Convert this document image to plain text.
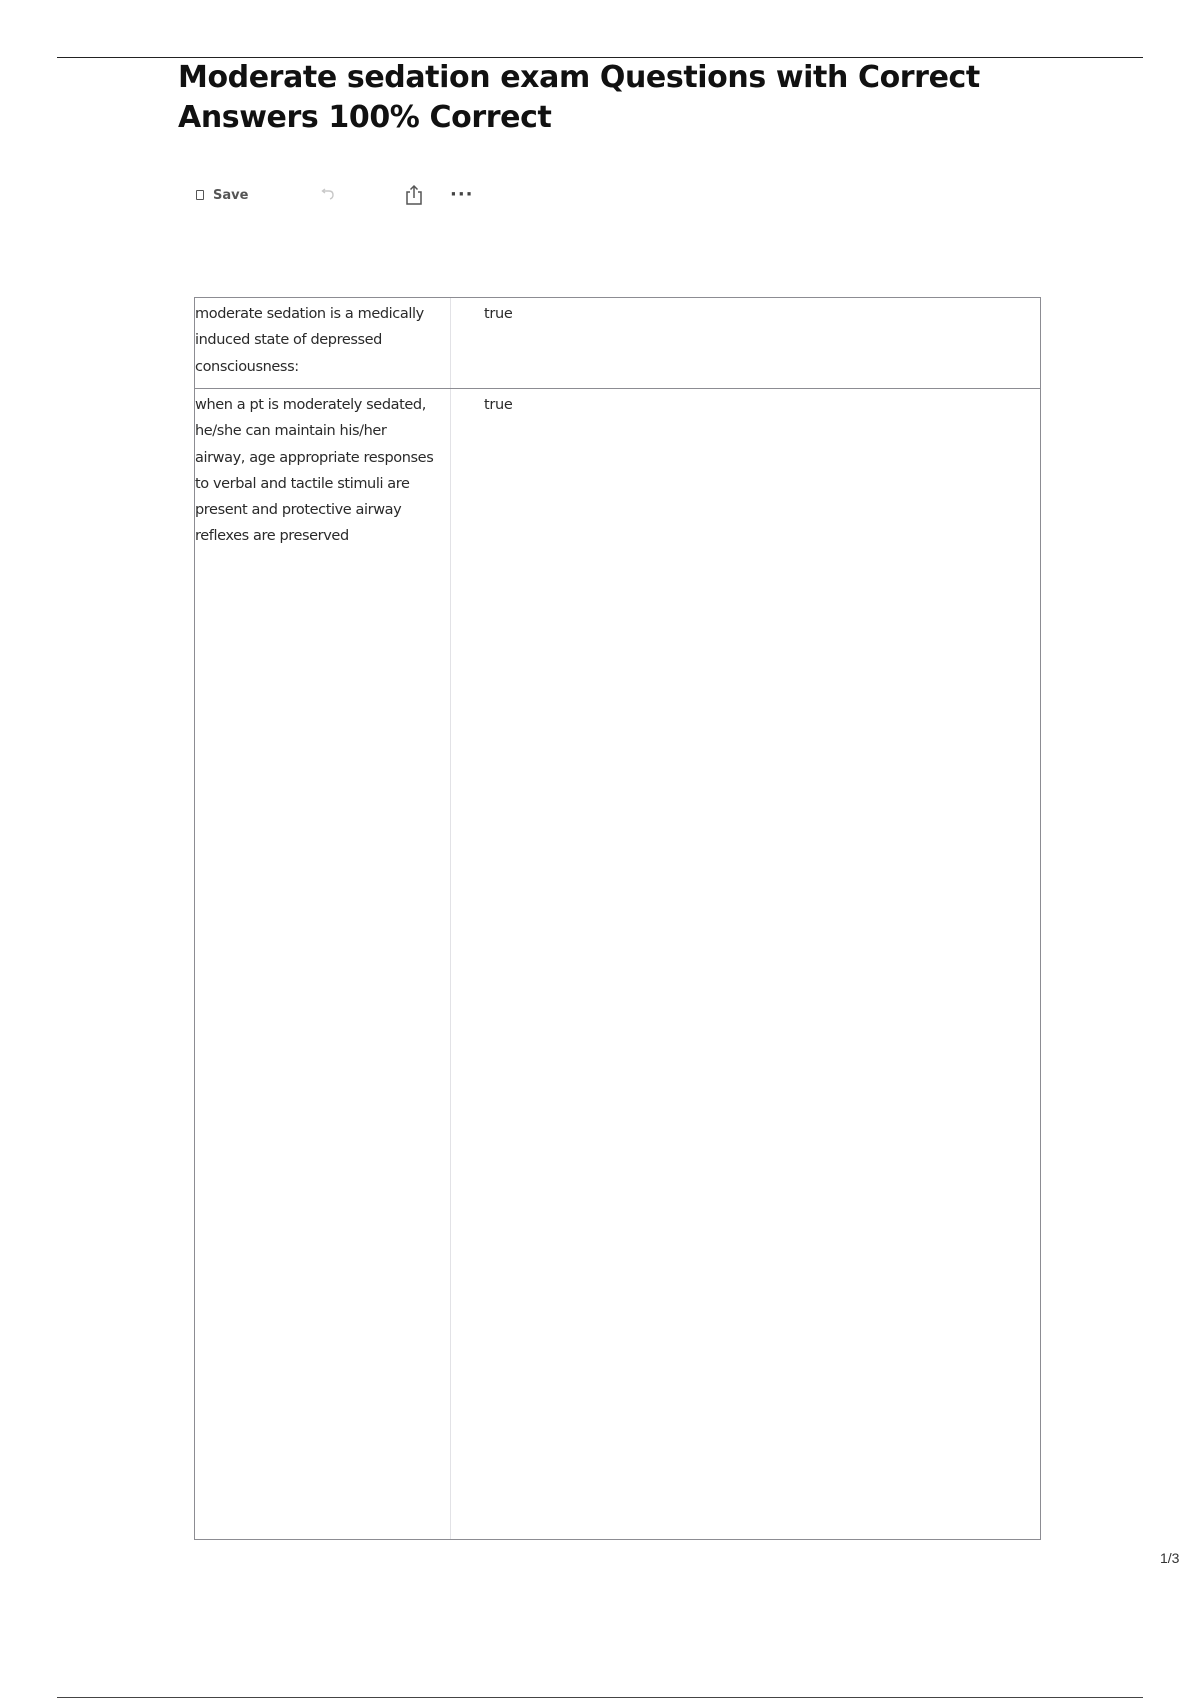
Moderate sedation exam Questions with Correct Answers 100% Correct
Save	···

moderate sedation is a medically induced state of depressed consciousness:

true

when a pt is moderately sedated, he/she can maintain his/her airway, age appropriate responses to verbal and tactile stimuli are present and protective airway reflexes are preserved

true

1/3
